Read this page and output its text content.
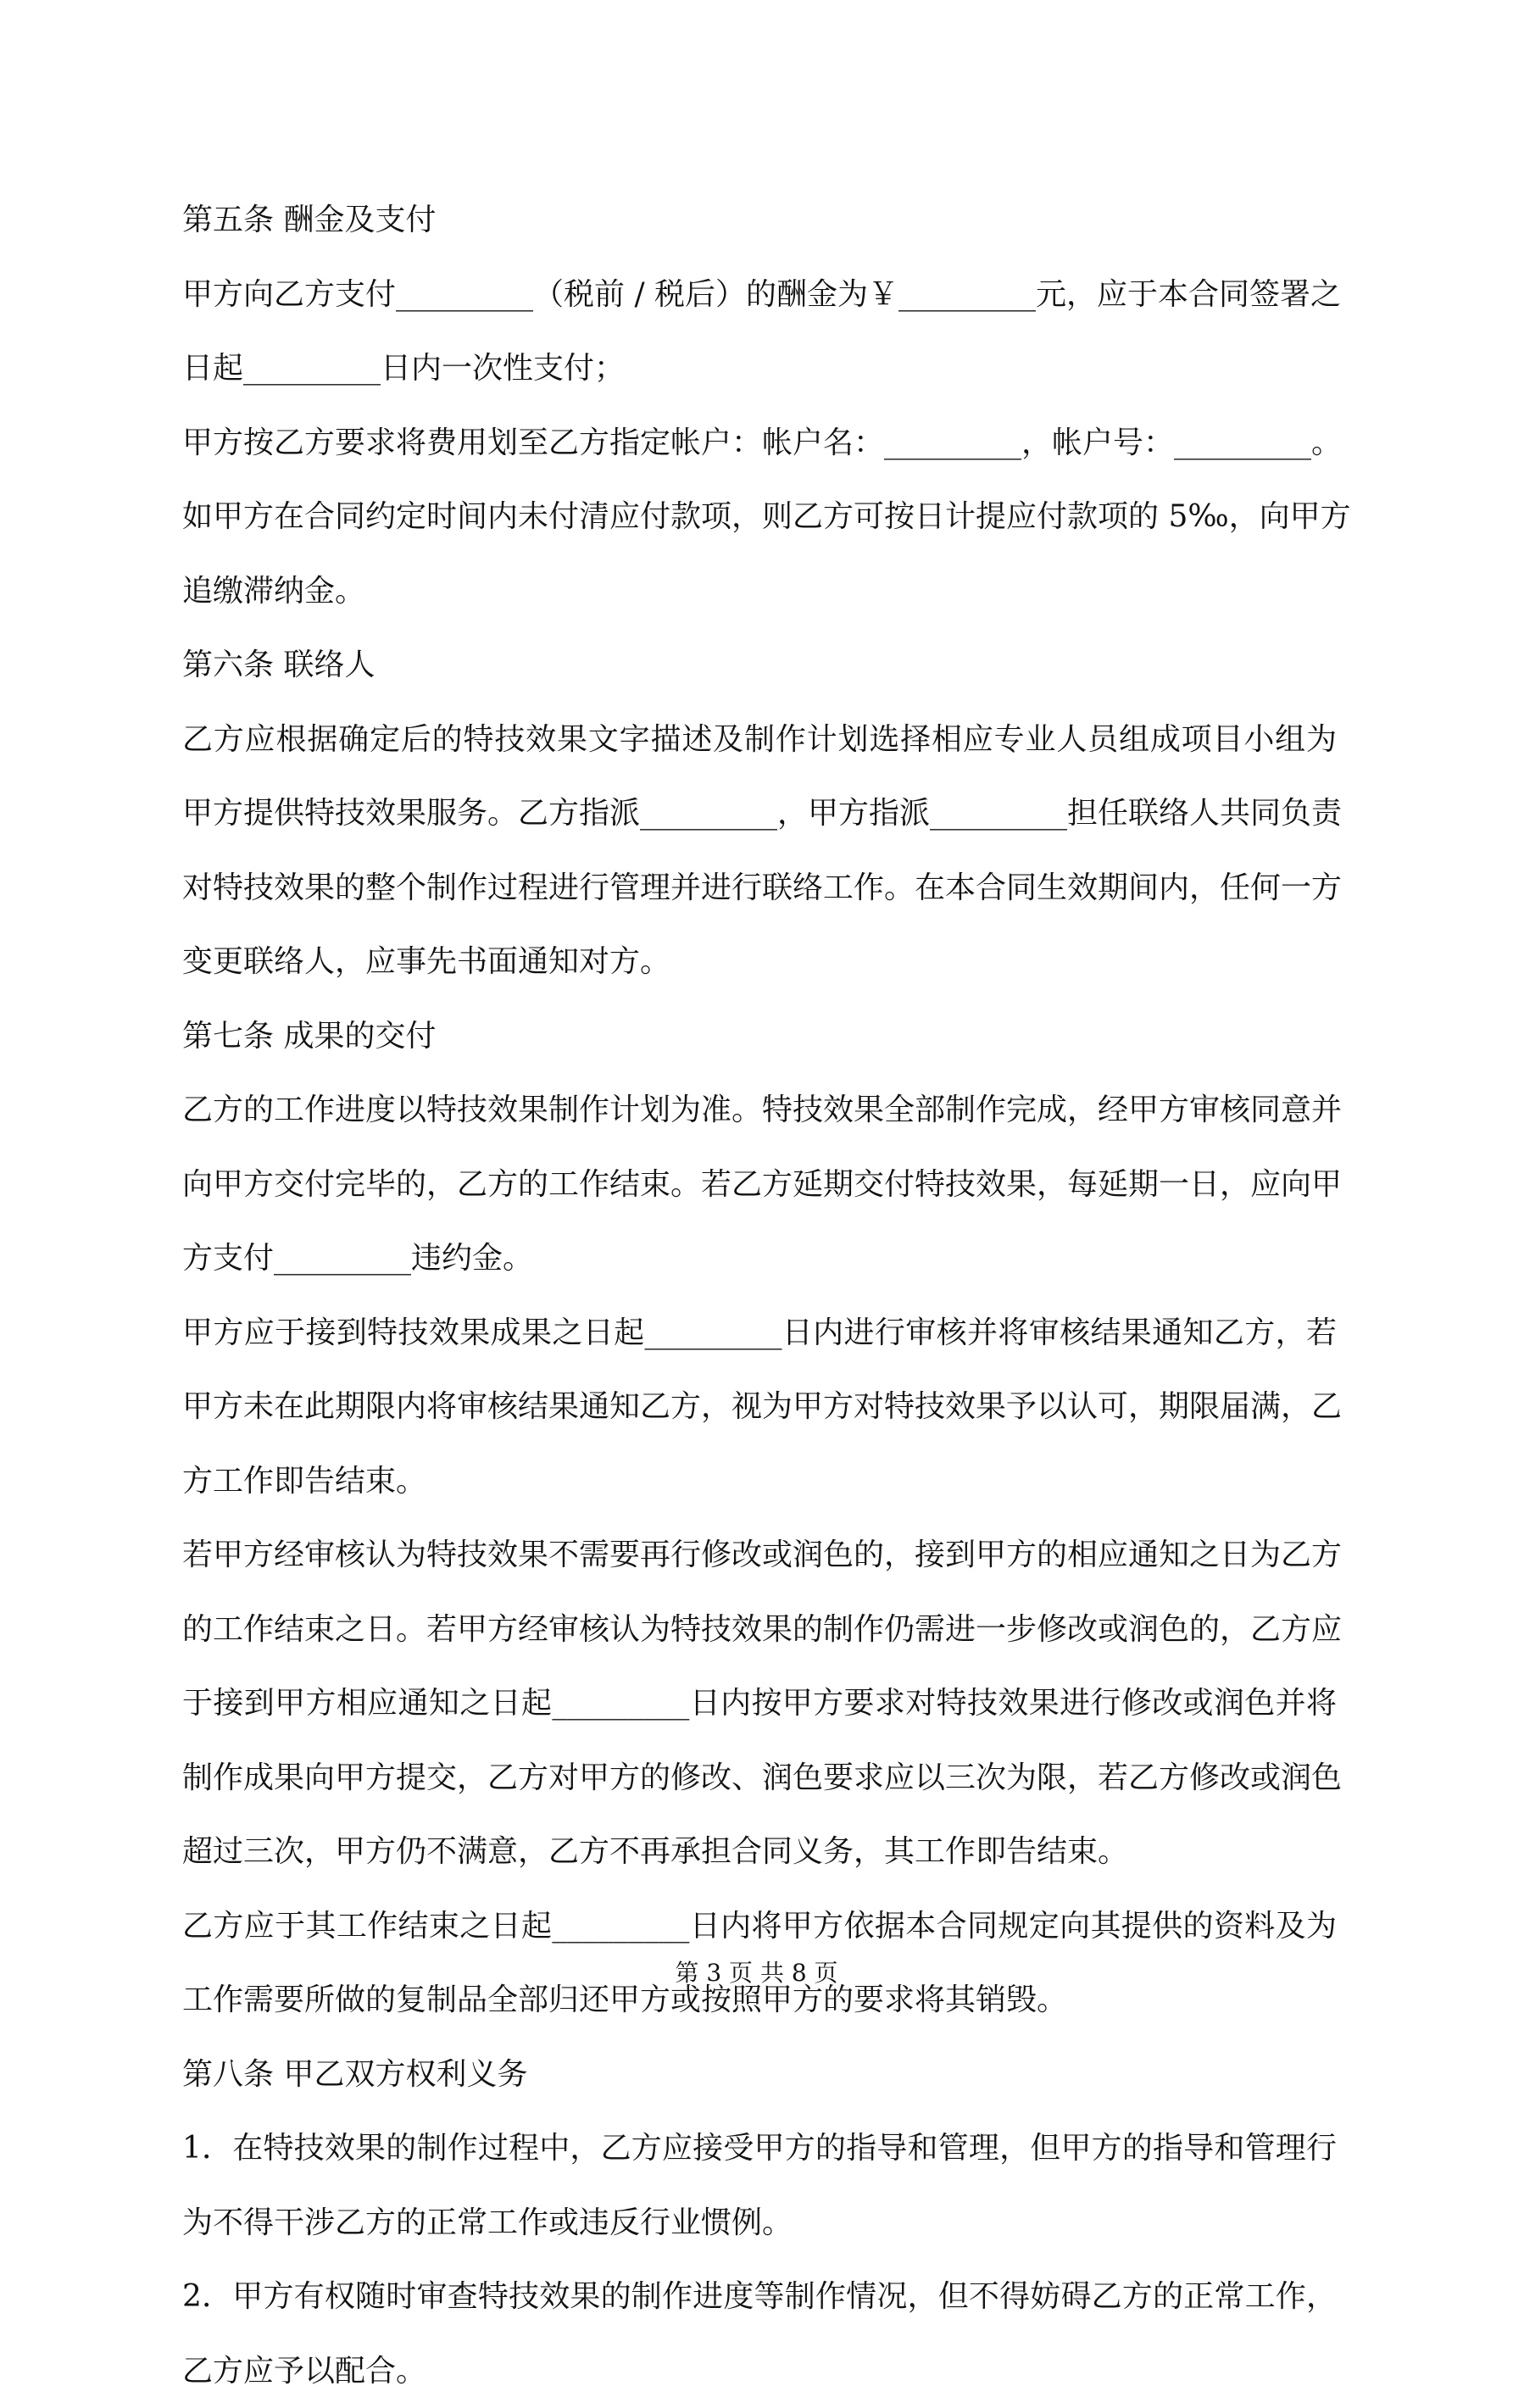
第五条 酬金及支付
甲方向乙方支付_________（税前 / 税后）的酬金为￥_________元，应于本合同签署之
日起_________日内一次性支付；
甲方按乙方要求将费用划至乙方指定帐户：帐户名：_________，帐户号：_________。
如甲方在合同约定时间内未付清应付款项，则乙方可按日计提应付款项的 5‰，向甲方
追缴滞纳金。
第六条 联络人
乙方应根据确定后的特技效果文字描述及制作计划选择相应专业人员组成项目小组为
甲方提供特技效果服务。乙方指派_________，甲方指派_________担任联络人共同负责
对特技效果的整个制作过程进行管理并进行联络工作。在本合同生效期间内，任何一方
变更联络人，应事先书面通知对方。
第七条 成果的交付
乙方的工作进度以特技效果制作计划为准。特技效果全部制作完成，经甲方审核同意并
向甲方交付完毕的，乙方的工作结束。若乙方延期交付特技效果，每延期一日，应向甲
方支付_________违约金。
甲方应于接到特技效果成果之日起_________日内进行审核并将审核结果通知乙方，若
甲方未在此期限内将审核结果通知乙方，视为甲方对特技效果予以认可，期限届满，乙
方工作即告结束。
若甲方经审核认为特技效果不需要再行修改或润色的，接到甲方的相应通知之日为乙方
的工作结束之日。若甲方经审核认为特技效果的制作仍需进一步修改或润色的，乙方应
于接到甲方相应通知之日起_________日内按甲方要求对特技效果进行修改或润色并将
制作成果向甲方提交，乙方对甲方的修改、润色要求应以三次为限，若乙方修改或润色
超过三次，甲方仍不满意，乙方不再承担合同义务，其工作即告结束。
乙方应于其工作结束之日起_________日内将甲方依据本合同规定向其提供的资料及为
工作需要所做的复制品全部归还甲方或按照甲方的要求将其销毁。
第八条 甲乙双方权利义务
1．在特技效果的制作过程中，乙方应接受甲方的指导和管理，但甲方的指导和管理行
为不得干涉乙方的正常工作或违反行业惯例。
2．甲方有权随时审查特技效果的制作进度等制作情况，但不得妨碍乙方的正常工作，
乙方应予以配合。
第 3 页 共 8 页
